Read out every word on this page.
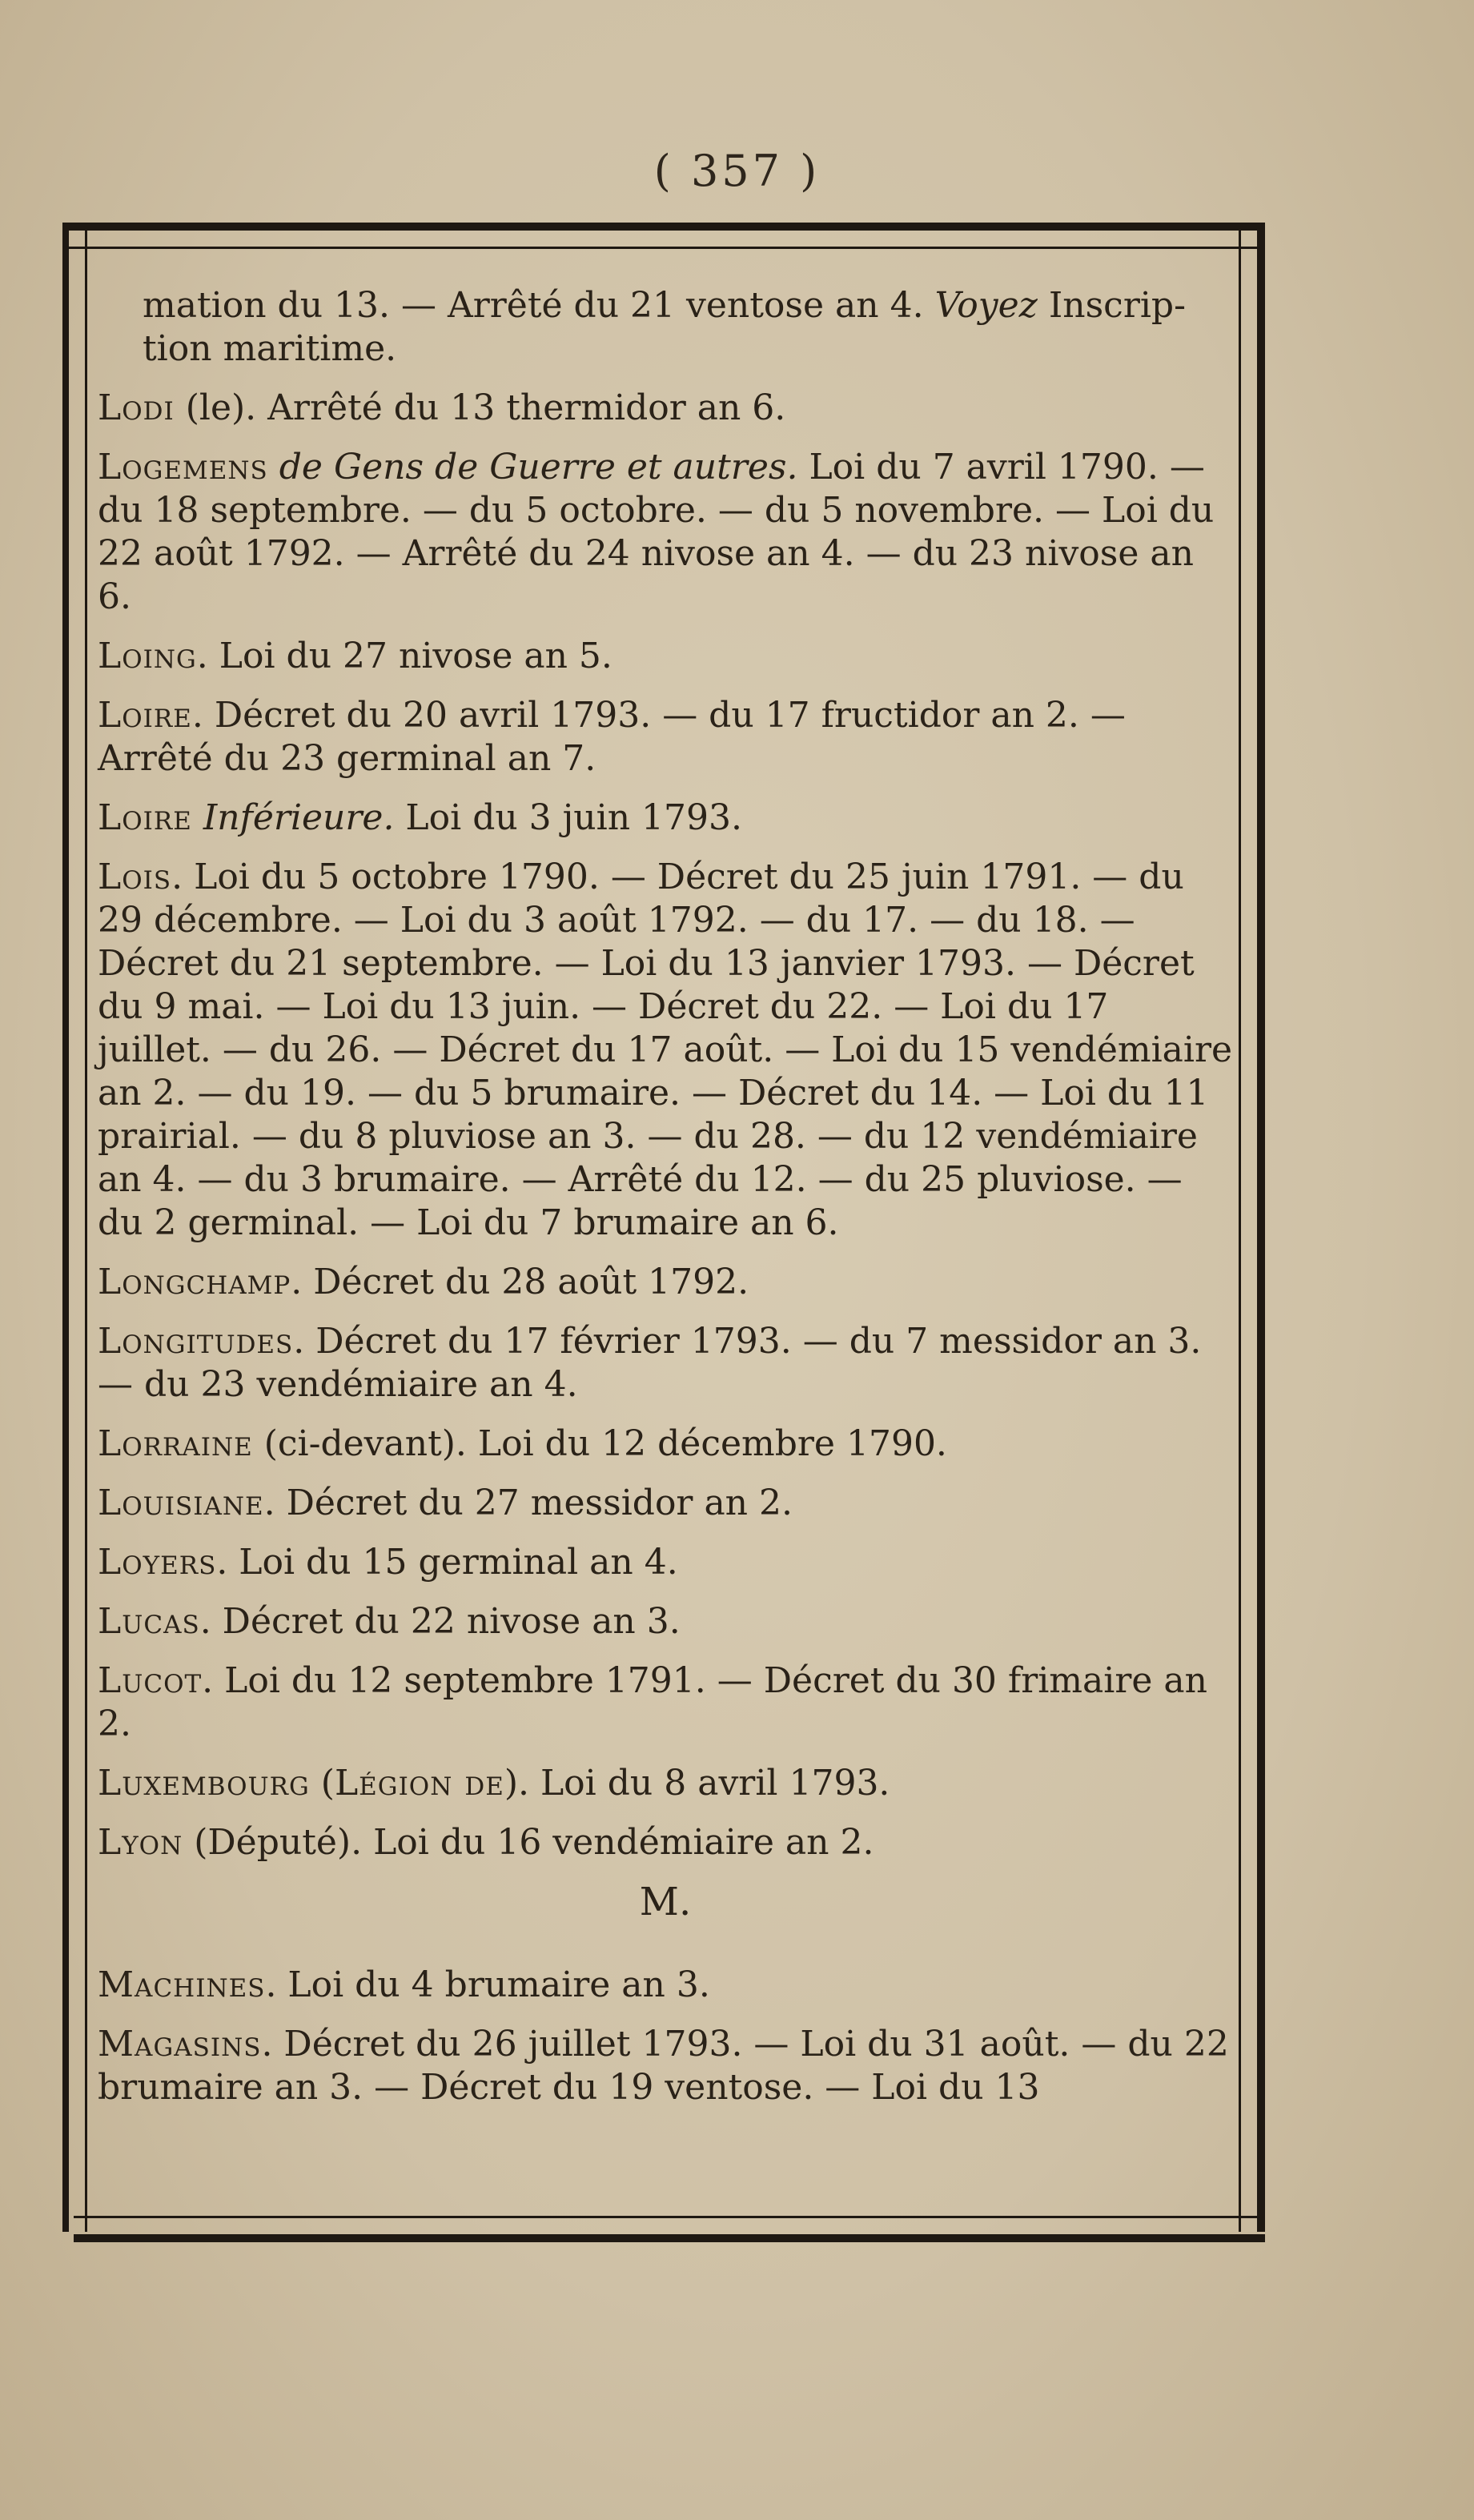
( 357 )
mation du 13. — Arrêté du 21 ventose an 4. Voyez Inscrip-
tion maritime.
Lodi (le). Arrêté du 13 thermidor an 6.
Logemens de Gens de Guerre et autres. Loi du 7 avril 1790. — du 18 septembre. — du 5 octobre. — du 5 novembre. — Loi du 22 août 1792. — Arrêté du 24 nivose an 4. — du 23 nivose an 6.
Loing. Loi du 27 nivose an 5.
Loire. Décret du 20 avril 1793. — du 17 fructidor an 2. — Arrêté du 23 germinal an 7.
Loire Inférieure. Loi du 3 juin 1793.
Lois. Loi du 5 octobre 1790. — Décret du 25 juin 1791. — du 29 décembre. — Loi du 3 août 1792. — du 17. — du 18. — Décret du 21 septembre. — Loi du 13 janvier 1793. — Décret du 9 mai. — Loi du 13 juin. — Décret du 22. — Loi du 17 juillet. — du 26. — Décret du 17 août. — Loi du 15 vendémiaire an 2. — du 19. — du 5 brumaire. — Décret du 14. — Loi du 11 prairial. — du 8 pluviose an 3. — du 28. — du 12 vendémiaire an 4. — du 3 brumaire. — Arrêté du 12. — du 25 pluviose. — du 2 germinal. — Loi du 7 brumaire an 6.
Longchamp. Décret du 28 août 1792.
Longitudes. Décret du 17 février 1793. — du 7 messidor an 3. — du 23 vendémiaire an 4.
Lorraine (ci-devant). Loi du 12 décembre 1790.
Louisiane. Décret du 27 messidor an 2.
Loyers. Loi du 15 germinal an 4.
Lucas. Décret du 22 nivose an 3.
Lucot. Loi du 12 septembre 1791. — Décret du 30 frimaire an 2.
Luxembourg (Légion de). Loi du 8 avril 1793.
Lyon (Député). Loi du 16 vendémiaire an 2.
M.
Machines. Loi du 4 brumaire an 3.
Magasins. Décret du 26 juillet 1793. — Loi du 31 août. — du 22 brumaire an 3. — Décret du 19 ventose. — Loi du 13
